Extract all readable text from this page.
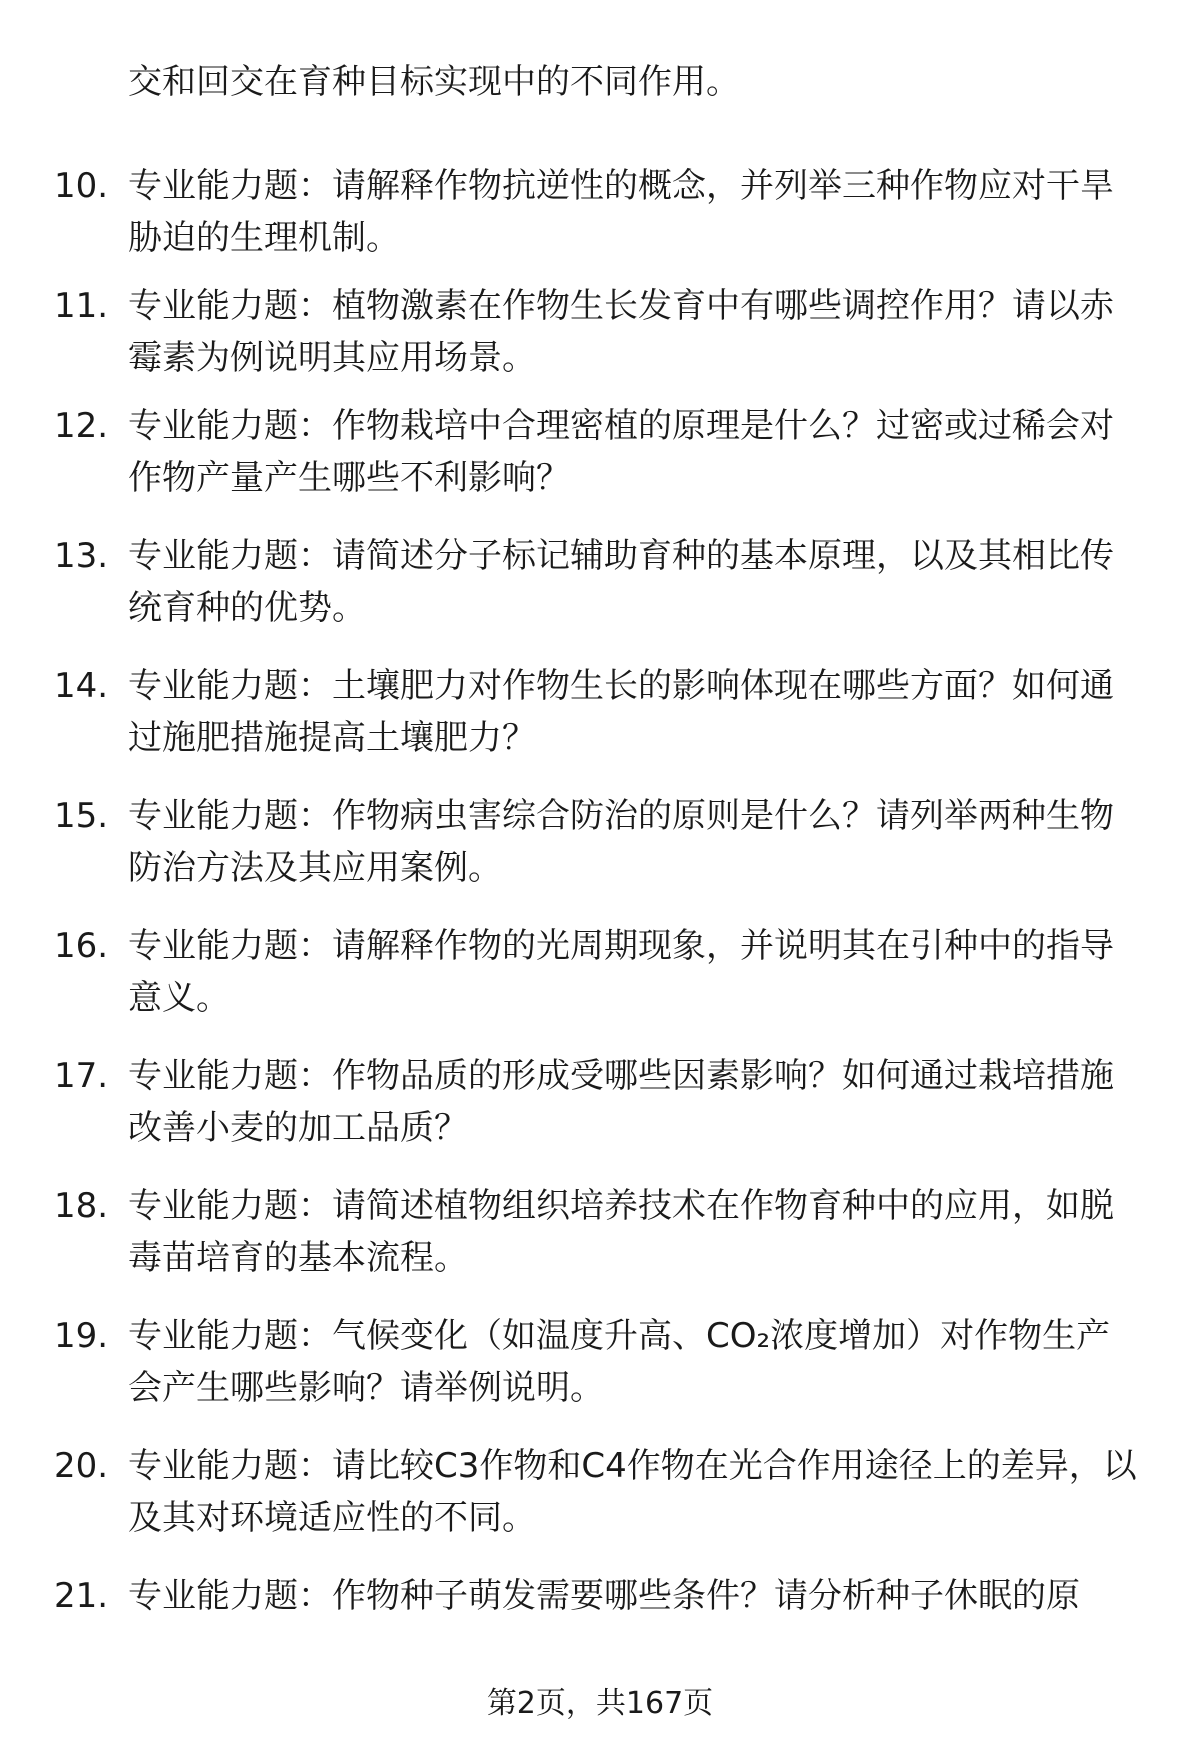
交和回交在育种目标实现中的不同作用。
10. 专业能力题：请解释作物抗逆性的概念，并列举三种作物应对干旱胁迫的生理机制。
11. 专业能力题：植物激素在作物生长发育中有哪些调控作用？请以赤霉素为例说明其应用场景。
12. 专业能力题：作物栽培中合理密植的原理是什么？过密或过稀会对作物产量产生哪些不利影响？
13. 专业能力题：请简述分子标记辅助育种的基本原理，以及其相比传统育种的优势。
14. 专业能力题：土壤肥力对作物生长的影响体现在哪些方面？如何通过施肥措施提高土壤肥力？
15. 专业能力题：作物病虫害综合防治的原则是什么？请列举两种生物防治方法及其应用案例。
16. 专业能力题：请解释作物的光周期现象，并说明其在引种中的指导意义。
17. 专业能力题：作物品质的形成受哪些因素影响？如何通过栽培措施改善小麦的加工品质？
18. 专业能力题：请简述植物组织培养技术在作物育种中的应用，如脱毒苗培育的基本流程。
19. 专业能力题：气候变化（如温度升高、CO₂浓度增加）对作物生产会产生哪些影响？请举例说明。
20. 专业能力题：请比较C3作物和C4作物在光合作用途径上的差异，以及其对环境适应性的不同。
21. 专业能力题：作物种子萌发需要哪些条件？请分析种子休眠的原
第2页，共167页
